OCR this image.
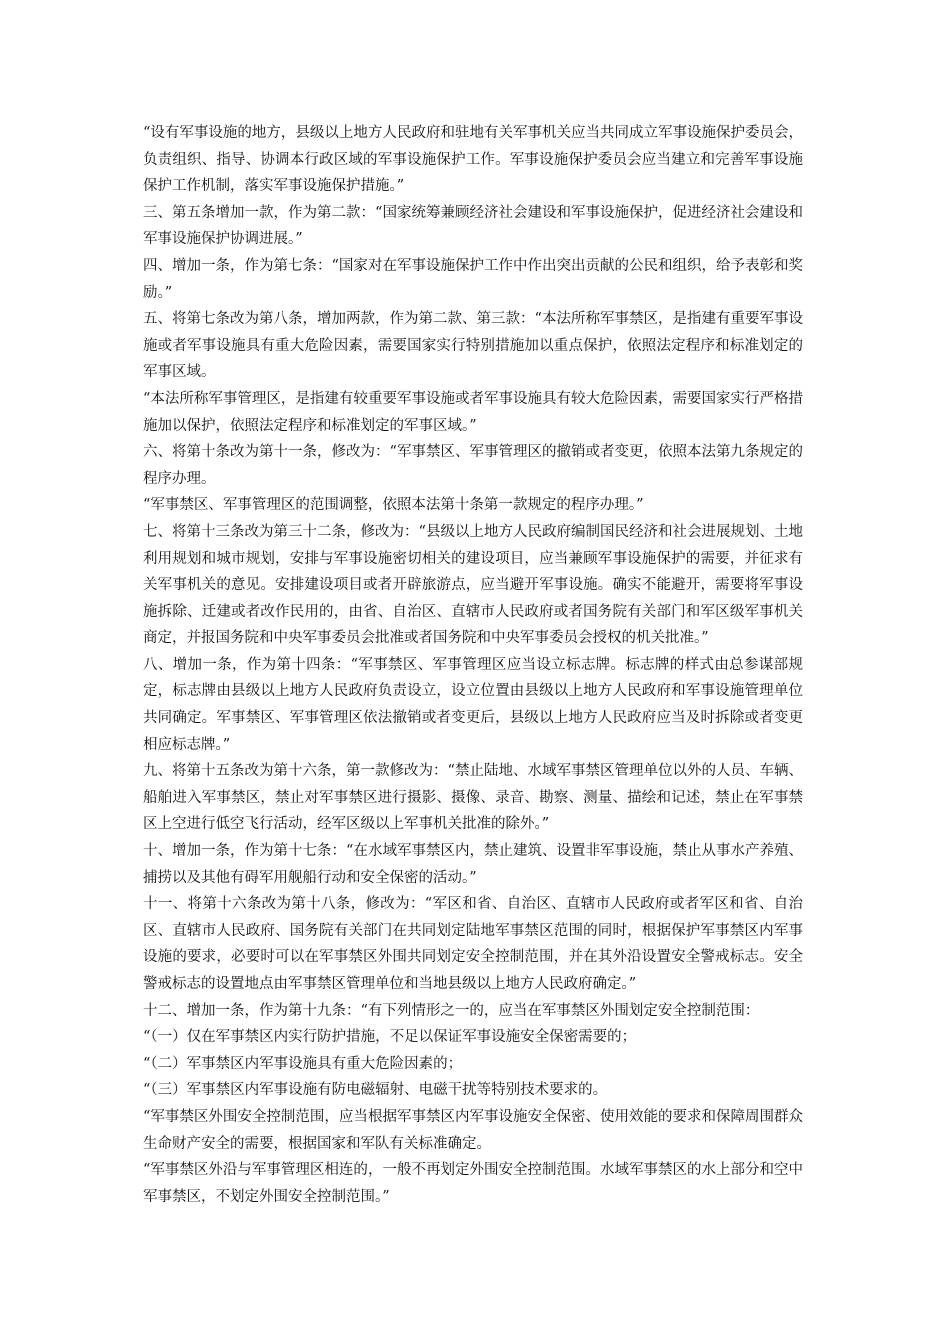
“设有军事设施的地方，县级以上地方人民政府和驻地有关军事机关应当共同成立军事设施保护委员会，负责组织、指导、协调本行政区域的军事设施保护工作。军事设施保护委员会应当建立和完善军事设施保护工作机制，落实军事设施保护措施。”

三、第五条增加一款，作为第二款：“国家统筹兼顾经济社会建设和军事设施保护，促进经济社会建设和军事设施保护协调进展。”

四、增加一条，作为第七条：“国家对在军事设施保护工作中作出突出贡献的公民和组织，给予表彰和奖励。”

五、将第七条改为第八条，增加两款，作为第二款、第三款：“本法所称军事禁区，是指建有重要军事设施或者军事设施具有重大危险因素，需要国家实行特别措施加以重点保护，依照法定程序和标准划定的军事区域。

“本法所称军事管理区，是指建有较重要军事设施或者军事设施具有较大危险因素，需要国家实行严格措施加以保护，依照法定程序和标准划定的军事区域。”

六、将第十条改为第十一条，修改为：“军事禁区、军事管理区的撤销或者变更，依照本法第九条规定的程序办理。

“军事禁区、军事管理区的范围调整，依照本法第十条第一款规定的程序办理。”

七、将第十三条改为第三十二条，修改为：“县级以上地方人民政府编制国民经济和社会进展规划、土地利用规划和城市规划，安排与军事设施密切相关的建设项目，应当兼顾军事设施保护的需要，并征求有关军事机关的意见。安排建设项目或者开辟旅游点，应当避开军事设施。确实不能避开，需要将军事设施拆除、迁建或者改作民用的，由省、自治区、直辖市人民政府或者国务院有关部门和军区级军事机关商定，并报国务院和中央军事委员会批准或者国务院和中央军事委员会授权的机关批准。”

八、增加一条，作为第十四条：“军事禁区、军事管理区应当设立标志牌。标志牌的样式由总参谋部规定，标志牌由县级以上地方人民政府负责设立，设立位置由县级以上地方人民政府和军事设施管理单位共同确定。军事禁区、军事管理区依法撤销或者变更后，县级以上地方人民政府应当及时拆除或者变更相应标志牌。”

九、将第十五条改为第十六条，第一款修改为：“禁止陆地、水域军事禁区管理单位以外的人员、车辆、船舶进入军事禁区，禁止对军事禁区进行摄影、摄像、录音、勘察、测量、描绘和记述，禁止在军事禁区上空进行低空飞行活动，经军区级以上军事机关批准的除外。”

十、增加一条，作为第十七条：“在水域军事禁区内，禁止建筑、设置非军事设施，禁止从事水产养殖、捕捞以及其他有碍军用舰船行动和安全保密的活动。”

十一、将第十六条改为第十八条，修改为：“军区和省、自治区、直辖市人民政府或者军区和省、自治区、直辖市人民政府、国务院有关部门在共同划定陆地军事禁区范围的同时，根据保护军事禁区内军事设施的要求，必要时可以在军事禁区外围共同划定安全控制范围，并在其外沿设置安全警戒标志。安全警戒标志的设置地点由军事禁区管理单位和当地县级以上地方人民政府确定。”

十二、增加一条，作为第十九条：“有下列情形之一的，应当在军事禁区外围划定安全控制范围：

“（一）仅在军事禁区内实行防护措施，不足以保证军事设施安全保密需要的；

“（二）军事禁区内军事设施具有重大危险因素的；

“（三）军事禁区内军事设施有防电磁辐射、电磁干扰等特别技术要求的。

“军事禁区外围安全控制范围，应当根据军事禁区内军事设施安全保密、使用效能的要求和保障周围群众生命财产安全的需要，根据国家和军队有关标准确定。

“军事禁区外沿与军事管理区相连的，一般不再划定外围安全控制范围。水域军事禁区的水上部分和空中军事禁区，不划定外围安全控制范围。”
